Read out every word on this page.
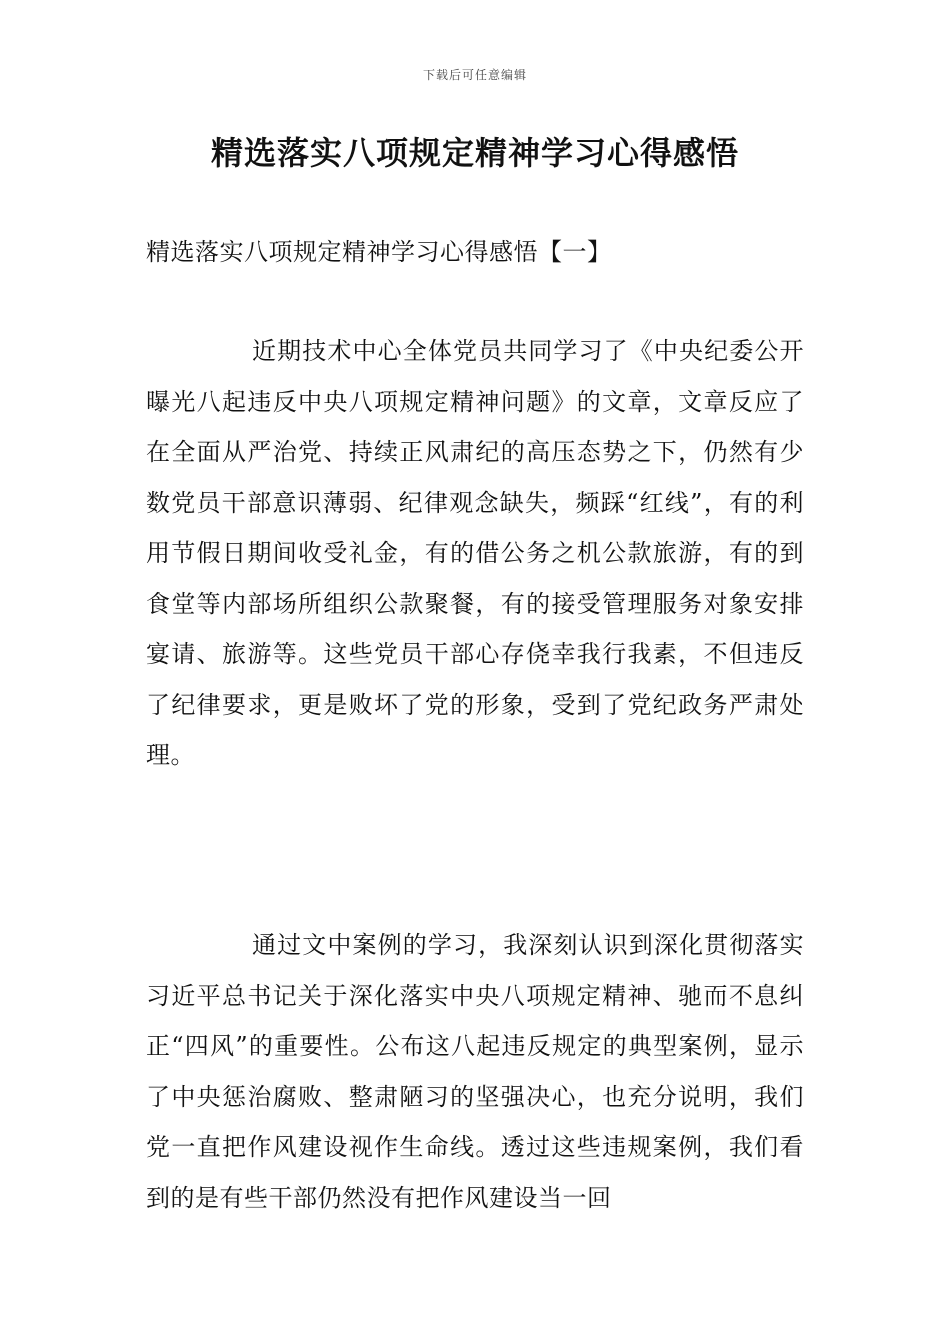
下载后可任意编辑
精选落实八项规定精神学习心得感悟

精选落实八项规定精神学习心得感悟【一】

近期技术中心全体党员共同学习了《中央纪委公开曝光八起违反中央八项规定精神问题》的文章，文章反应了在全面从严治党、持续正风肃纪的高压态势之下，仍然有少数党员干部意识薄弱、纪律观念缺失，频踩“红线”，有的利用节假日期间收受礼金，有的借公务之机公款旅游，有的到食堂等内部场所组织公款聚餐，有的接受管理服务对象安排宴请、旅游等。这些党员干部心存侥幸我行我素，不但违反了纪律要求，更是败坏了党的形象，受到了党纪政务严肃处理。

通过文中案例的学习，我深刻认识到深化贯彻落实习近平总书记关于深化落实中央八项规定精神、驰而不息纠正“四风”的重要性。公布这八起违反规定的典型案例，显示了中央惩治腐败、整肃陋习的坚强决心，也充分说明，我们党一直把作风建设视作生命线。透过这些违规案例，我们看到的是有些干部仍然没有把作风建设当一回
